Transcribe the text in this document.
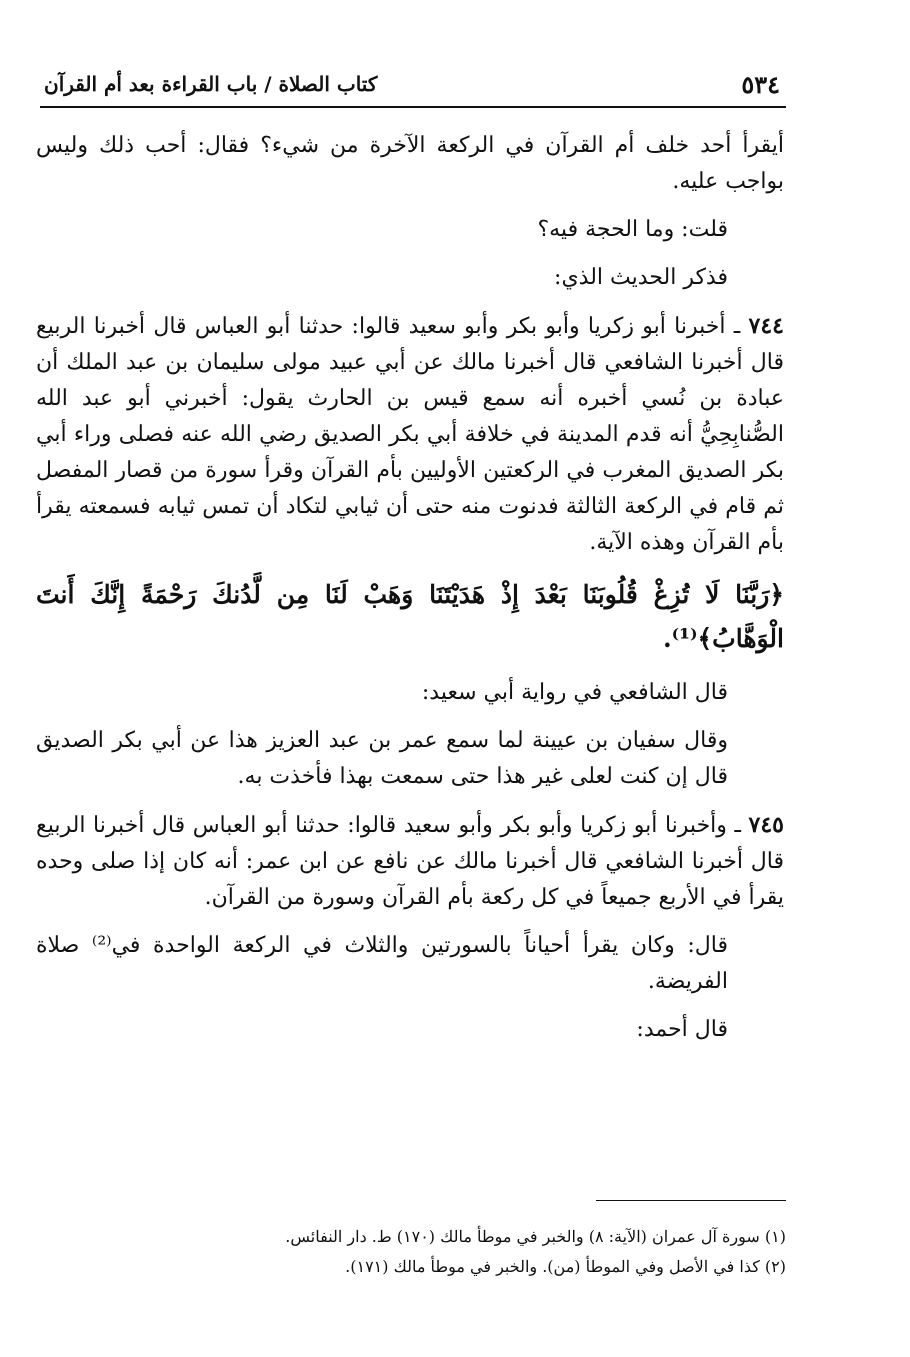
٥٣٤
كتاب الصلاة / باب القراءة بعد أم القرآن

أيقرأ أحد خلف أم القرآن في الركعة الآخرة من شيء؟ فقال: أحب ذلك وليس بواجب عليه.

قلت: وما الحجة فيه؟

فذكر الحديث الذي:

٧٤٤ ـ أخبرنا أبو زكريا وأبو بكر وأبو سعيد قالوا: حدثنا أبو العباس قال أخبرنا الربيع قال أخبرنا الشافعي قال أخبرنا مالك عن أبي عبيد مولى سليمان بن عبد الملك أن عبادة بن نُسي أخبره أنه سمع قيس بن الحارث يقول: أخبرني أبو عبد الله الصُّنابِحِيُّ أنه قدم المدينة في خلافة أبي بكر الصديق رضي الله عنه فصلى وراء أبي بكر الصديق المغرب في الركعتين الأوليين بأم القرآن وقرأ سورة من قصار المفصل ثم قام في الركعة الثالثة فدنوت منه حتى أن ثيابي لتكاد أن تمس ثيابه فسمعته يقرأ بأم القرآن وهذه الآية.

﴿رَبَّنَا لَا تُزِغْ قُلُوبَنَا بَعْدَ إِذْ هَدَيْتَنَا وَهَبْ لَنَا مِن لَّدُنكَ رَحْمَةً إِنَّكَ أَنتَ الْوَهَّابُ﴾⁽¹⁾.

قال الشافعي في رواية أبي سعيد:

وقال سفيان بن عيينة لما سمع عمر بن عبد العزيز هذا عن أبي بكر الصديق قال إن كنت لعلى غير هذا حتى سمعت بهذا فأخذت به.

٧٤٥ ـ وأخبرنا أبو زكريا وأبو بكر وأبو سعيد قالوا: حدثنا أبو العباس قال أخبرنا الربيع قال أخبرنا الشافعي قال أخبرنا مالك عن نافع عن ابن عمر: أنه كان إذا صلى وحده يقرأ في الأربع جميعاً في كل ركعة بأم القرآن وسورة من القرآن.

قال: وكان يقرأ أحياناً بالسورتين والثلاث في الركعة الواحدة في⁽²⁾ صلاة الفريضة.

قال أحمد:

(١) سورة آل عمران (الآية: ٨) والخبر في موطأ مالك (١٧٠) ط. دار النفائس.

(٢) كذا في الأصل وفي الموطأ (من). والخبر في موطأ مالك (١٧١).
